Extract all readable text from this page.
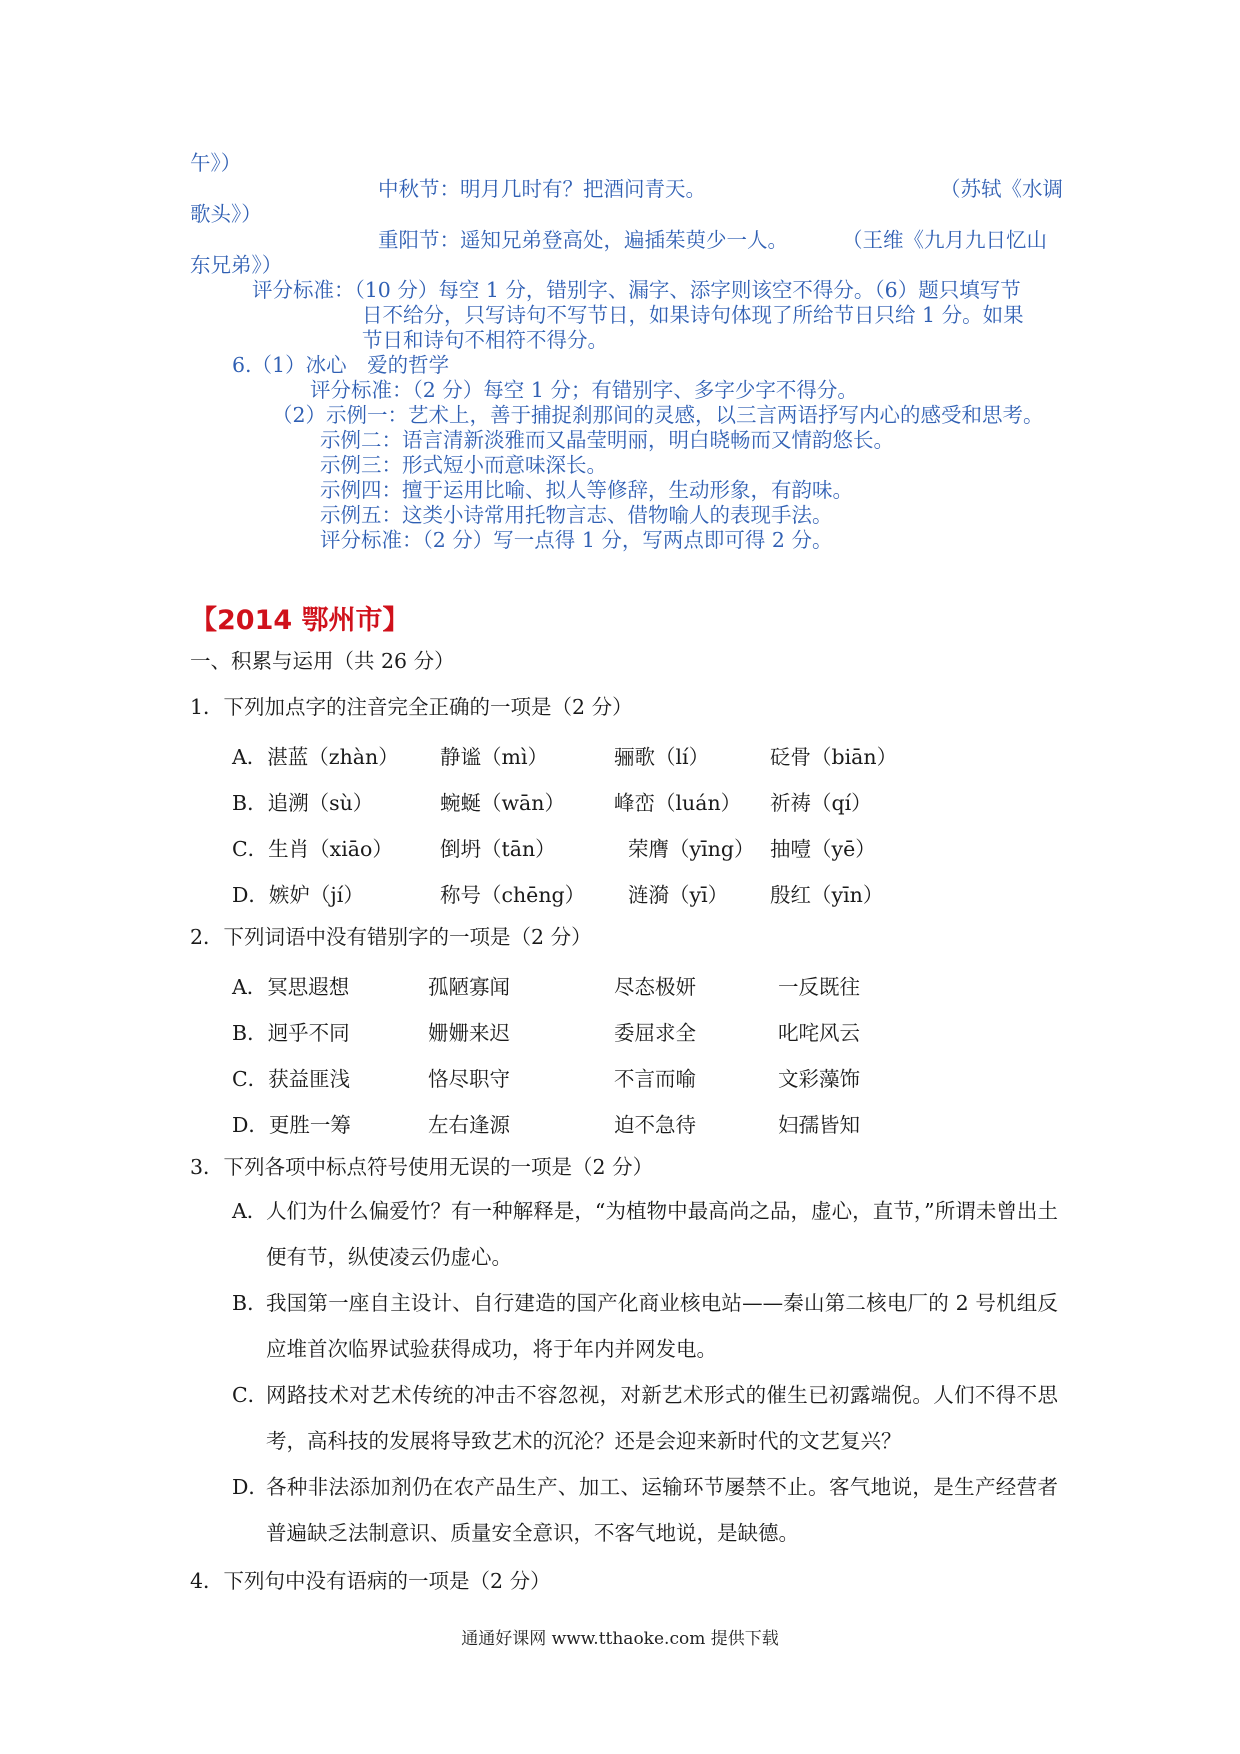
午》）
中秋节：明月几时有？把酒问青天。	（苏轼《水调
歌头》）
重阳节：遥知兄弟登高处，遍插茱萸少一人。	（王维《九月九日忆山
东兄弟》）
评分标准：（10 分）每空 1 分，错别字、漏字、添字则该空不得分。（6）题只填写节
日不给分，只写诗句不写节日，如果诗句体现了所给节日只给 1 分。如果
节日和诗句不相符不得分。
6.（1）冰心　爱的哲学
评分标准：（2 分）每空 1 分；有错别字、多字少字不得分。
（2）示例一：艺术上，善于捕捉刹那间的灵感，以三言两语抒写内心的感受和思考。
示例二：语言清新淡雅而又晶莹明丽，明白晓畅而又情韵悠长。
示例三：形式短小而意味深长。
示例四：擅于运用比喻、拟人等修辞，生动形象，有韵味。
示例五：这类小诗常用托物言志、借物喻人的表现手法。
评分标准：（2 分）写一点得 1 分，写两点即可得 2 分。
【2014 鄂州市】
一、积累与运用（共 26 分）
1．下列加点字的注音完全正确的一项是（2 分）
A．湛蓝（zhàn） 静谧（mì）	骊歌（lí）	砭骨（biān）
B．追溯（sù）	蜿蜒（wān） 峰峦（luán） 祈祷（qí）
C．生肖（xiāo） 倒坍（tān）	荣膺（yīng） 抽噎（yē）
D．嫉妒（jí）	称号（chēng） 涟漪（yī） 殷红（yīn）
2．下列词语中没有错别字的一项是（2 分）
A．冥思遐想	孤陋寡闻	尽态极妍	一反既往
B．迥乎不同	姗姗来迟	委屈求全	叱咤风云
C．获益匪浅	恪尽职守	不言而喻	文彩藻饰
D．更胜一筹	左右逢源	迫不急待	妇孺皆知
3．下列各项中标点符号使用无误的一项是（2 分）
A．
人们为什么偏爱竹？有一种解释是，“为植物中最高尚之品，虚心，直节，”所谓未曾出土便有节，纵使凌云仍虚心。
B．
我国第一座自主设计、自行建造的国产化商业核电站——秦山第二核电厂的 2 号机组反应堆首次临界试验获得成功，将于年内并网发电。
C．
网路技术对艺术传统的冲击不容忽视，对新艺术形式的催生已初露端倪。人们不得不思考，高科技的发展将导致艺术的沉沦？还是会迎来新时代的文艺复兴？
D．
各种非法添加剂仍在农产品生产、加工、运输环节屡禁不止。客气地说，是生产经营者普遍缺乏法制意识、质量安全意识，不客气地说，是缺德。
4．下列句中没有语病的一项是（2 分）
通通好课网 www.tthaoke.com 提供下载
